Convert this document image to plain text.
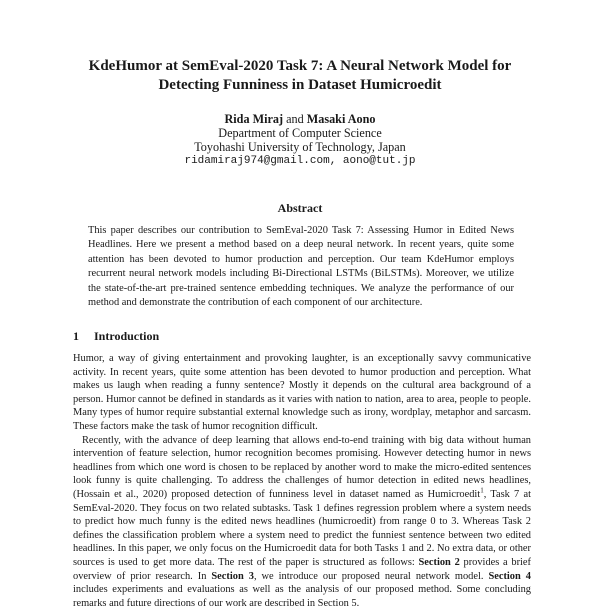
KdeHumor at SemEval-2020 Task 7: A Neural Network Model for
Detecting Funniness in Dataset Humicroedit
Rida Miraj and Masaki Aono
Department of Computer Science
Toyohashi University of Technology, Japan
ridamiraj974@gmail.com, aono@tut.jp
Abstract
This paper describes our contribution to SemEval-2020 Task 7: Assessing Humor in Edited News Headlines. Here we present a method based on a deep neural network. In recent years, quite some attention has been devoted to humor production and perception. Our team KdeHumor employs recurrent neural network models including Bi-Directional LSTMs (BiLSTMs). Moreover, we utilize the state-of-the-art pre-trained sentence embedding techniques. We analyze the performance of our method and demonstrate the contribution of each component of our architecture.
1 Introduction

Humor, a way of giving entertainment and provoking laughter, is an exceptionally savvy communicative activity. In recent years, quite some attention has been devoted to humor production and perception. What makes us laugh when reading a funny sentence? Mostly it depends on the cultural area background of a person. Humor cannot be defined in standards as it varies with nation to nation, area to area, people to people. Many types of humor require substantial external knowledge such as irony, wordplay, metaphor and sarcasm. These factors make the task of humor recognition difficult.

Recently, with the advance of deep learning that allows end-to-end training with big data without human intervention of feature selection, humor recognition becomes promising. However detecting humor in news headlines from which one word is chosen to be replaced by another word to make the micro-edited sentences look funny is quite challenging. To address the challenges of humor detection in edited news headlines, (Hossain et al., 2020) proposed detection of funniness level in dataset named as Humicroedit$^1$, Task 7 at SemEval-2020. They focus on two related subtasks. Task 1 defines regression problem where a system needs to predict how much funny is the edited news headlines (humicroedit) from range 0 to 3. Whereas Task 2 defines the classification problem where a system need to predict the funniest sentence between two edited headlines. In this paper, we only focus on the Humicroedit data for both Tasks 1 and 2. No extra data, or other sources is used to get more data. The rest of the paper is structured as follows: Section 2 provides a brief overview of prior research. In Section 3, we introduce our proposed neural network model. Section 4 includes experiments and evaluations as well as the analysis of our proposed method. Some concluding remarks and future directions of our work are described in Section 5.
